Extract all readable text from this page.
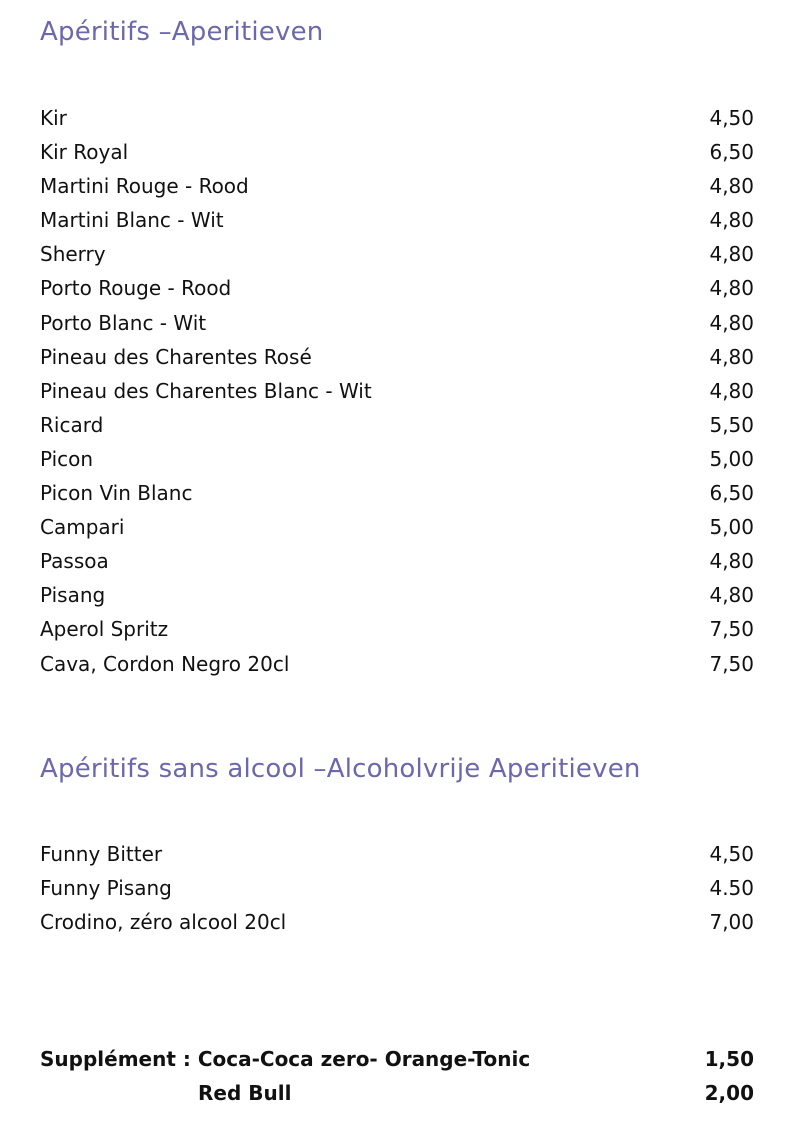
Apéritifs –Aperitieven
Kir	4,50
Kir Royal	6,50
Martini Rouge - Rood	4,80
Martini Blanc - Wit	4,80
Sherry	4,80
Porto Rouge - Rood	4,80
Porto Blanc - Wit	4,80
Pineau des Charentes Rosé	4,80
Pineau des Charentes Blanc - Wit	4,80
Ricard	5,50
Picon	5,00
Picon Vin Blanc	6,50
Campari	5,00
Passoa	4,80
Pisang	4,80
Aperol Spritz	7,50
Cava, Cordon Negro 20cl	7,50
Apéritifs sans alcool –Alcoholvrije Aperitieven
Funny Bitter	4,50
Funny Pisang	4.50
Crodino, zéro alcool 20cl	7,00
Supplément : Coca-Coca zero- Orange-Tonic	1,50
Red Bull	2,00
